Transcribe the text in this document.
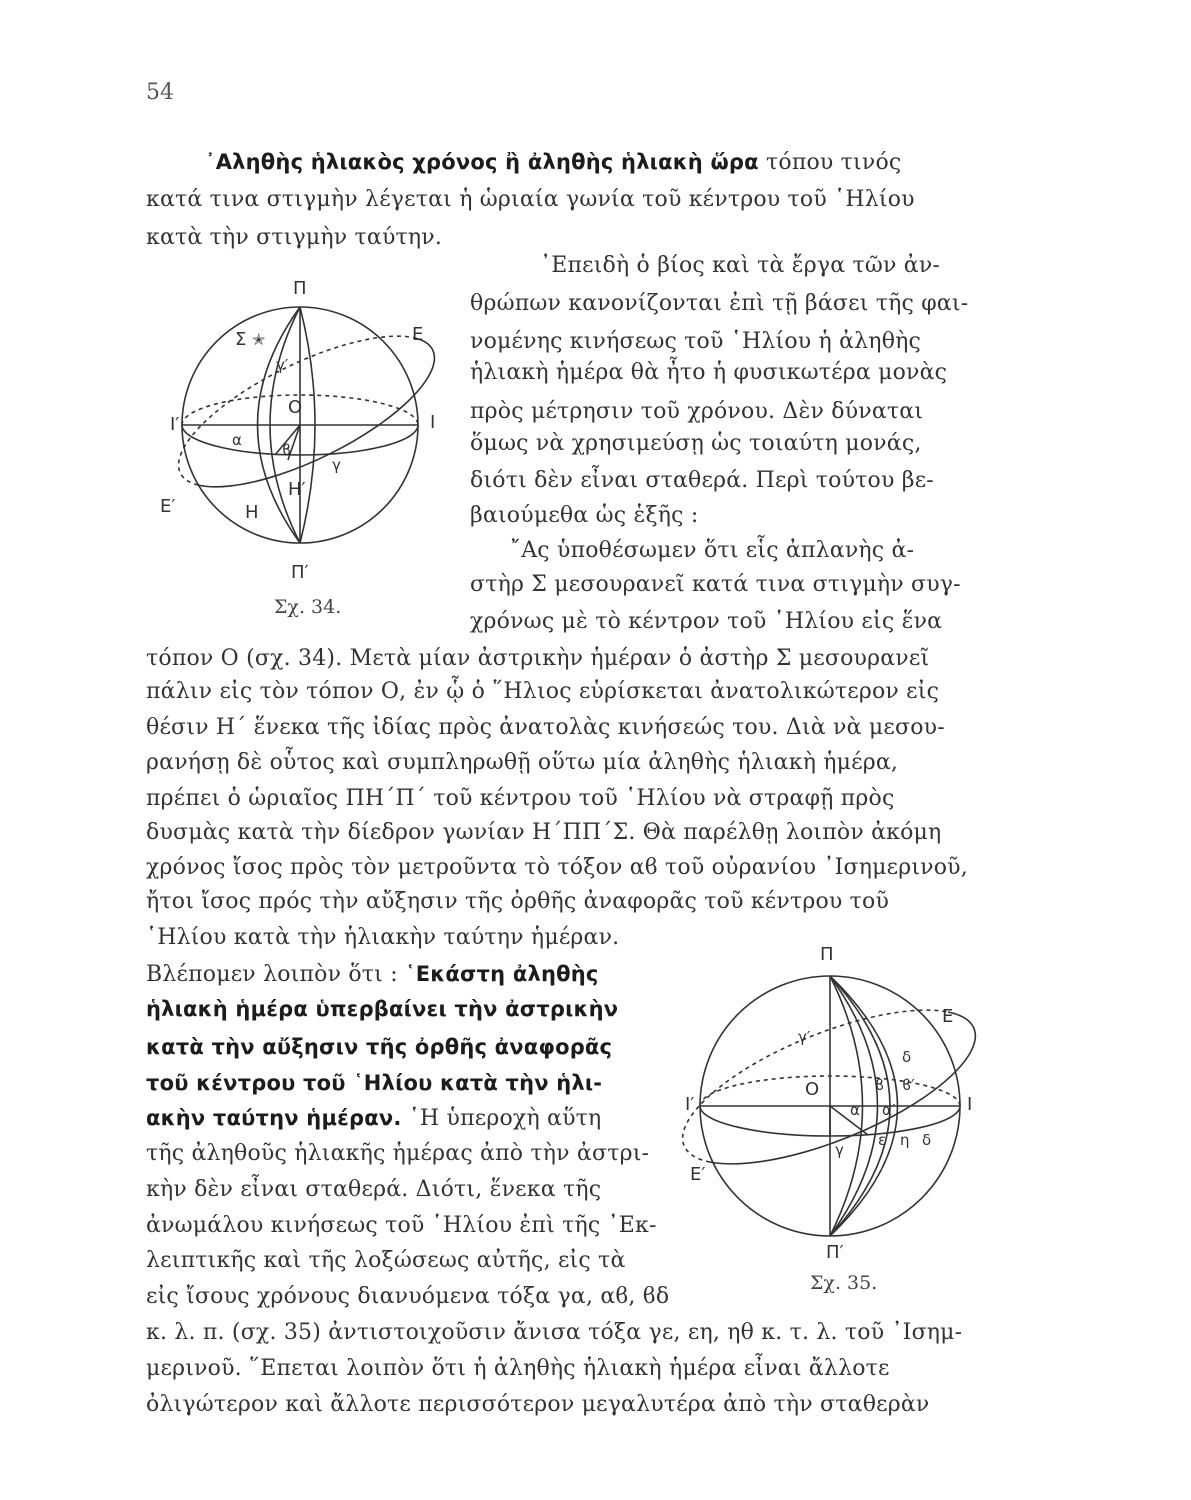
54
᾿Αληθὴς ἡλιακὸς χρόνος ἢ ἀληθὴς ἡλιακὴ ὥρα τόπου τινός
κατά τινα στιγμὴν λέγεται ἡ ὡριαία γωνία τοῦ κέντρου τοῦ ῾Ηλίου
κατὰ τὴν στιγμὴν ταύτην.
᾿Επειδὴ ὁ βίος καὶ τὰ ἔργα τῶν ἀν-
θρώπων κανονίζονται ἐπὶ τῇ βάσει τῆς φαι-
νομένης κινήσεως τοῦ ῾Ηλίου ἡ ἀληθὴς
ἡλιακὴ ἡμέρα θὰ ἦτο ἡ φυσικωτέρα μονὰς
πρὸς μέτρησιν τοῦ χρόνου. Δὲν δύναται
ὅμως νὰ χρησιμεύσῃ ὡς τοιαύτη μονάς,
διότι δὲν εἶναι σταθερά. Περὶ τούτου βε-
βαιούμεθα ὡς ἑξῆς :
῎Ας ὑποθέσωμεν ὅτι εἷς ἀπλανὴς ἀ-
στὴρ Σ μεσουρανεῖ κατά τινα στιγμὴν συγ-
χρόνως μὲ τὸ κέντρον τοῦ ῾Ηλίου εἰς ἕνα
τόπον Ο (σχ. 34). Μετὰ μίαν ἀστρικὴν ἡμέραν ὁ ἀστὴρ Σ μεσουρανεῖ
πάλιν εἰς τὸν τόπον Ο, ἐν ᾧ ὁ ῞Ηλιος εὑρίσκεται ἀνατολικώτερον εἰς
θέσιν Η΄ ἕνεκα τῆς ἰδίας πρὸς ἀνατολὰς κινήσεώς του. Διὰ νὰ μεσου-
ρανήσῃ δὲ οὗτος καὶ συμπληρωθῇ οὕτω μία ἀληθὴς ἡλιακὴ ἡμέρα,
πρέπει ὁ ὡριαῖος ΠΗ΄Π΄ τοῦ κέντρου τοῦ ῾Ηλίου νὰ στραφῇ πρὸς
δυσμὰς κατὰ τὴν δίεδρον γωνίαν Η΄ΠΠ΄Σ. Θὰ παρέλθῃ λοιπὸν ἀκόμη
χρόνος ἴσος πρὸς τὸν μετροῦντα τὸ τόξον αϐ τοῦ οὐρανίου ᾿Ισημερινοῦ,
ἤτοι ἴσος πρός τὴν αὔξησιν τῆς ὀρθῆς ἀναφορᾶς τοῦ κέντρου τοῦ
῾Ηλίου κατὰ τὴν ἡλιακὴν ταύτην ἡμέραν.
Βλέπομεν λοιπὸν ὅτι : ῾Εκάστη ἀληθὴς
ἡλιακὴ ἡμέρα ὑπερβαίνει τὴν ἀστρικὴν
κατὰ τὴν αὔξησιν τῆς ὀρθῆς ἀναφορᾶς
τοῦ κέντρου τοῦ ῾Ηλίου κατὰ τὴν ἡλι-
ακὴν ταύτην ἡμέραν. ῾Η ὑπεροχὴ αὕτη
τῆς ἀληθοῦς ἡλιακῆς ἡμέρας ἀπὸ τὴν ἀστρι-
κὴν δὲν εἶναι σταθερά. Διότι, ἕνεκα τῆς
ἀνωμάλου κινήσεως τοῦ ῾Ηλίου ἐπὶ τῆς ᾿Εκ-
λειπτικῆς καὶ τῆς λοξώσεως αὐτῆς, εἰς τὰ
εἰς ἴσους χρόνους διανυόμενα τόξα γα, αϐ, ϐδ
κ. λ. π. (σχ. 35) ἀντιστοιχοῦσιν ἄνισα τόξα γε, εη, ηθ κ. τ. λ. τοῦ ᾿Ισημ-
μερινοῦ. ῞Επεται λοιπὸν ὅτι ἡ ἀληθὴς ἡλιακὴ ἡμέρα εἶναι ἄλλοτε
ὀλιγώτερον καὶ ἄλλοτε περισσότερον μεγαλυτέρα ἀπὸ τὴν σταθερὰν
Π
Π′
Ε
Ε′
Ι
Ι′
Σ ✭
Ο
γ′
α
ϐ
γ
Η
Η′
Σχ. 34.
Π
Π′
Ε
Ε′
Ι
Ι′
Ο
γ′
α α′
ϐ ϐ′
γ
δ
δ
ε η
Σχ. 35.
